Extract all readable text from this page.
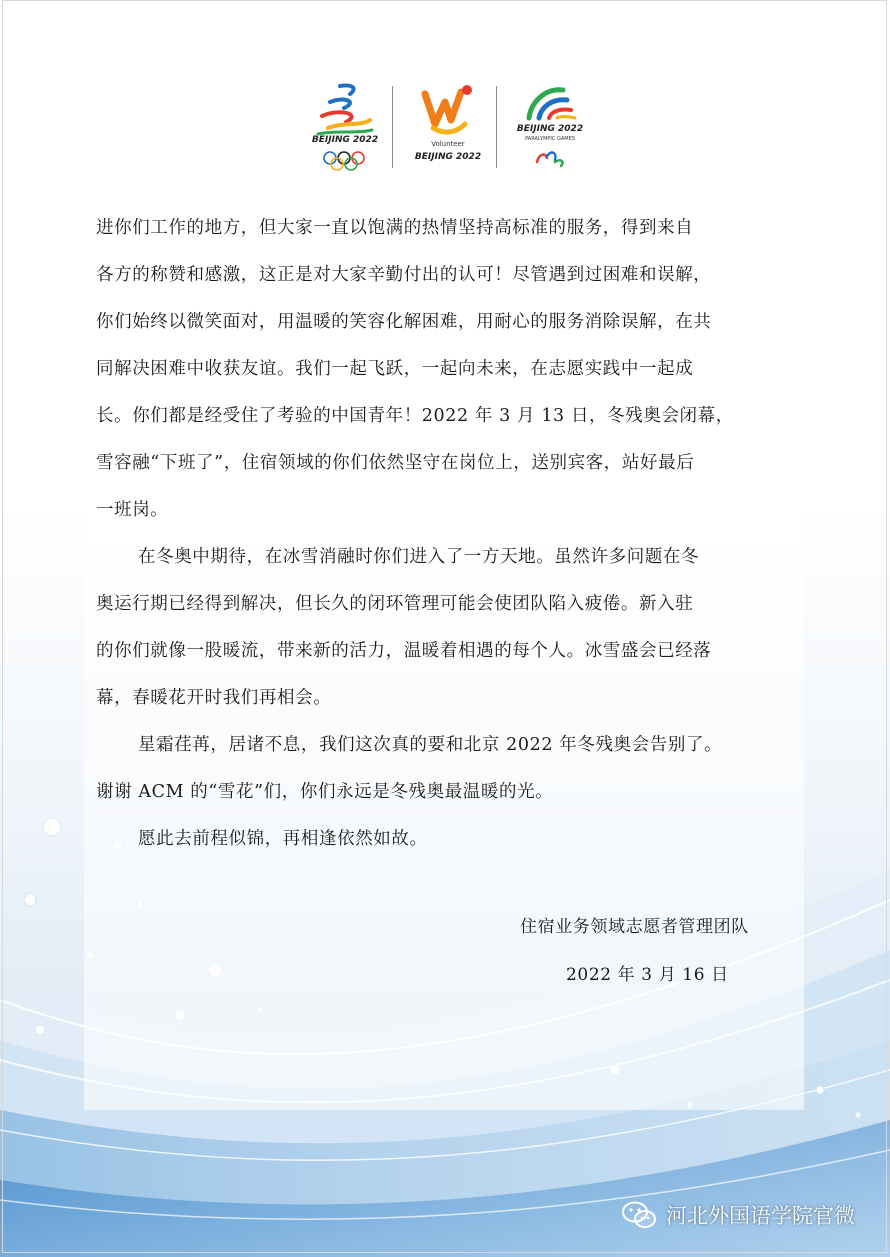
BEIJING 2022	Volunteer
BEIJING 2022
BEIJING 2022
PARALYMPIC GAMES
进你们工作的地方，但大家一直以饱满的热情坚持高标准的服务，得到来自
各方的称赞和感激，这正是对大家辛勤付出的认可！尽管遇到过困难和误解，
你们始终以微笑面对，用温暖的笑容化解困难，用耐心的服务消除误解，在共
同解决困难中收获友谊。我们一起飞跃，一起向未来，在志愿实践中一起成
长。你们都是经受住了考验的中国青年！2022 年 3 月 13 日，冬残奥会闭幕，
雪容融“下班了”，住宿领域的你们依然坚守在岗位上，送别宾客，站好最后
一班岗。
在冬奥中期待，在冰雪消融时你们进入了一方天地。虽然许多问题在冬
奥运行期已经得到解决，但长久的闭环管理可能会使团队陷入疲倦。新入驻
的你们就像一股暖流，带来新的活力，温暖着相遇的每个人。冰雪盛会已经落
幕，春暖花开时我们再相会。
星霜荏苒，居诸不息，我们这次真的要和北京 2022 年冬残奥会告别了。
谢谢 ACM 的“雪花”们，你们永远是冬残奥最温暖的光。
愿此去前程似锦，再相逢依然如故。
住宿业务领域志愿者管理团队
2022 年 3 月 16 日
河北外国语学院官微
